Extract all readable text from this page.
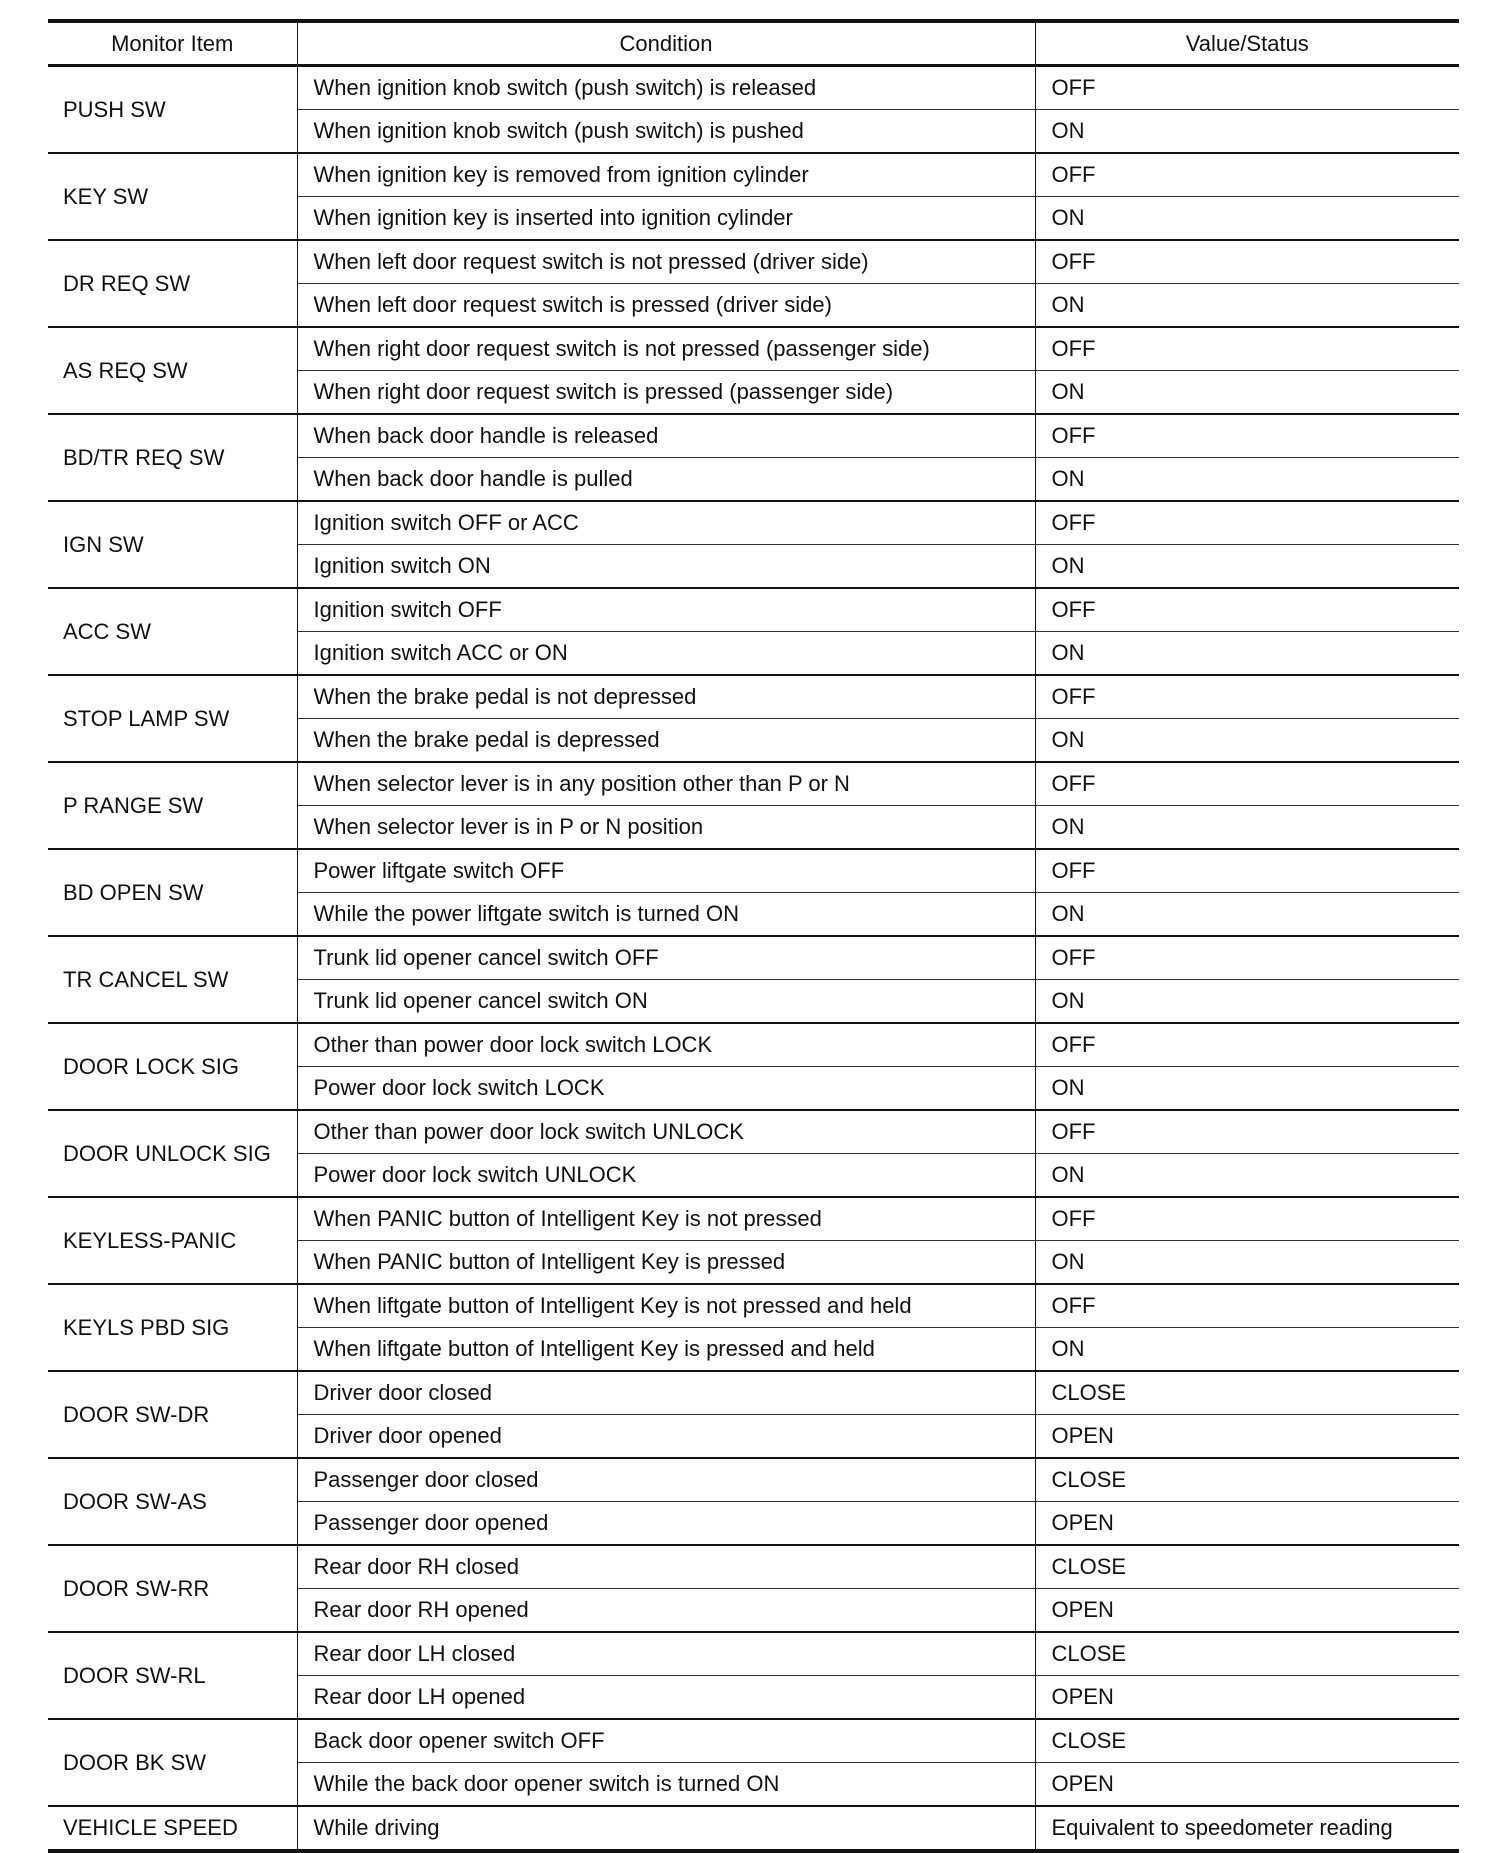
Monitor Item	Condition	Value/Status
PUSH SW	When ignition knob switch (push switch) is released	OFF
	When ignition knob switch (push switch) is pushed	ON
KEY SW	When ignition key is removed from ignition cylinder	OFF
	When ignition key is inserted into ignition cylinder	ON
DR REQ SW	When left door request switch is not pressed (driver side)	OFF
	When left door request switch is pressed (driver side)	ON
AS REQ SW	When right door request switch is not pressed (passenger side)	OFF
	When right door request switch is pressed (passenger side)	ON
BD/TR REQ SW	When back door handle is released	OFF
	When back door handle is pulled	ON
IGN SW	Ignition switch OFF or ACC	OFF
	Ignition switch ON	ON
ACC SW	Ignition switch OFF	OFF
	Ignition switch ACC or ON	ON
STOP LAMP SW	When the brake pedal is not depressed	OFF
	When the brake pedal is depressed	ON
P RANGE SW	When selector lever is in any position other than P or N	OFF
	When selector lever is in P or N position	ON
BD OPEN SW	Power liftgate switch OFF	OFF
	While the power liftgate switch is turned ON	ON
TR CANCEL SW	Trunk lid opener cancel switch OFF	OFF
	Trunk lid opener cancel switch ON	ON
DOOR LOCK SIG	Other than power door lock switch LOCK	OFF
	Power door lock switch LOCK	ON
DOOR UNLOCK SIG	Other than power door lock switch UNLOCK	OFF
	Power door lock switch UNLOCK	ON
KEYLESS-PANIC	When PANIC button of Intelligent Key is not pressed	OFF
	When PANIC button of Intelligent Key is pressed	ON
KEYLS PBD SIG	When liftgate button of Intelligent Key is not pressed and held	OFF
	When liftgate button of Intelligent Key is pressed and held	ON
DOOR SW-DR	Driver door closed	CLOSE
	Driver door opened	OPEN
DOOR SW-AS	Passenger door closed	CLOSE
	Passenger door opened	OPEN
DOOR SW-RR	Rear door RH closed	CLOSE
	Rear door RH opened	OPEN
DOOR SW-RL	Rear door LH closed	CLOSE
	Rear door LH opened	OPEN
DOOR BK SW	Back door opener switch OFF	CLOSE
	While the back door opener switch is turned ON	OPEN
VEHICLE SPEED	While driving	Equivalent to speedometer reading
